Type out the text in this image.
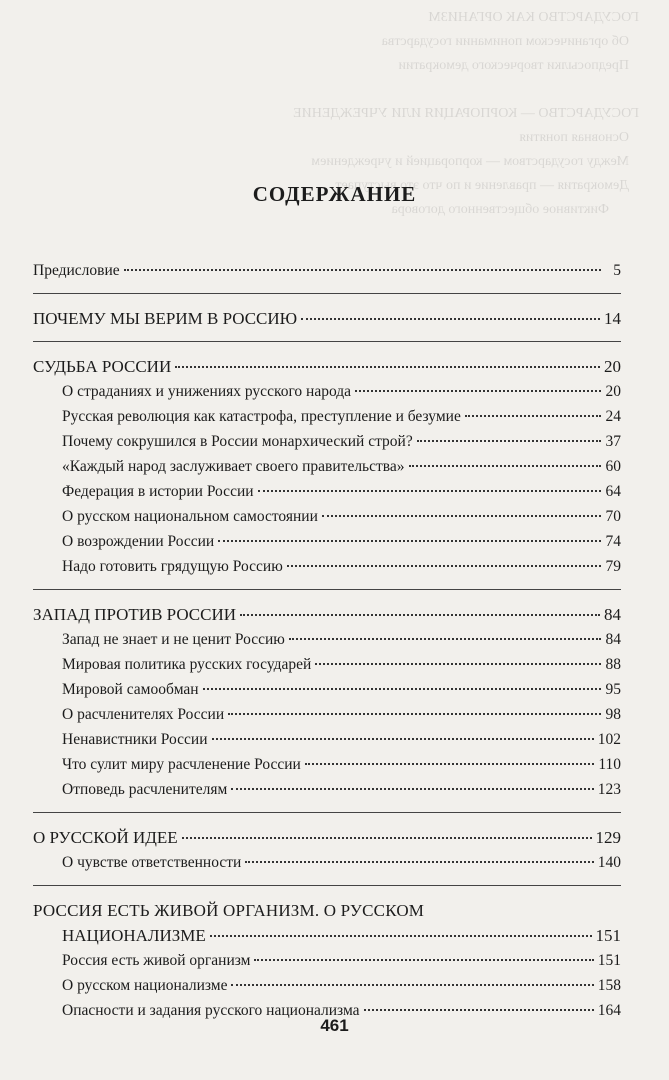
ГОСУДАРСТВО КАК ОРГАНИЗМ
Об органическом понимании государства
Предпосылки творческого демократии
ГОСУДАРСТВО — КОРПОРАЦИЯ ИЛИ УЧРЕЖДЕНИЕ
Основная понятия
Между государством — корпорацией и учреждением
Демократия — правление и по что это выступает
Фиктивное общественного договора
СОДЕРЖАНИЕ
Предисловие	5
ПОЧЕМУ МЫ ВЕРИМ В РОССИЮ	14
СУДЬБА РОССИИ	20
О страданиях и унижениях русского народа	20
Русская революция как катастрофа, преступление и безумие	24
Почему сокрушился в России монархический строй?	37
«Каждый народ заслуживает своего правительства»	60
Федерация в истории России	64
О русском национальном самостоянии	70
О возрождении России	74
Надо готовить грядущую Россию	79
ЗАПАД ПРОТИВ РОССИИ	84
Запад не знает и не ценит Россию	84
Мировая политика русских государей	88
Мировой самообман	95
О расчленителях России	98
Ненавистники России	102
Что сулит миру расчленение России	110
Отповедь расчленителям	123
О РУССКОЙ ИДЕЕ	129
О чувстве ответственности	140
РОССИЯ ЕСТЬ ЖИВОЙ ОРГАНИЗМ. О РУССКОМ
НАЦИОНАЛИЗМЕ	151
Россия есть живой организм	151
О русском национализме	158
Опасности и задания русского национализма	164
461
